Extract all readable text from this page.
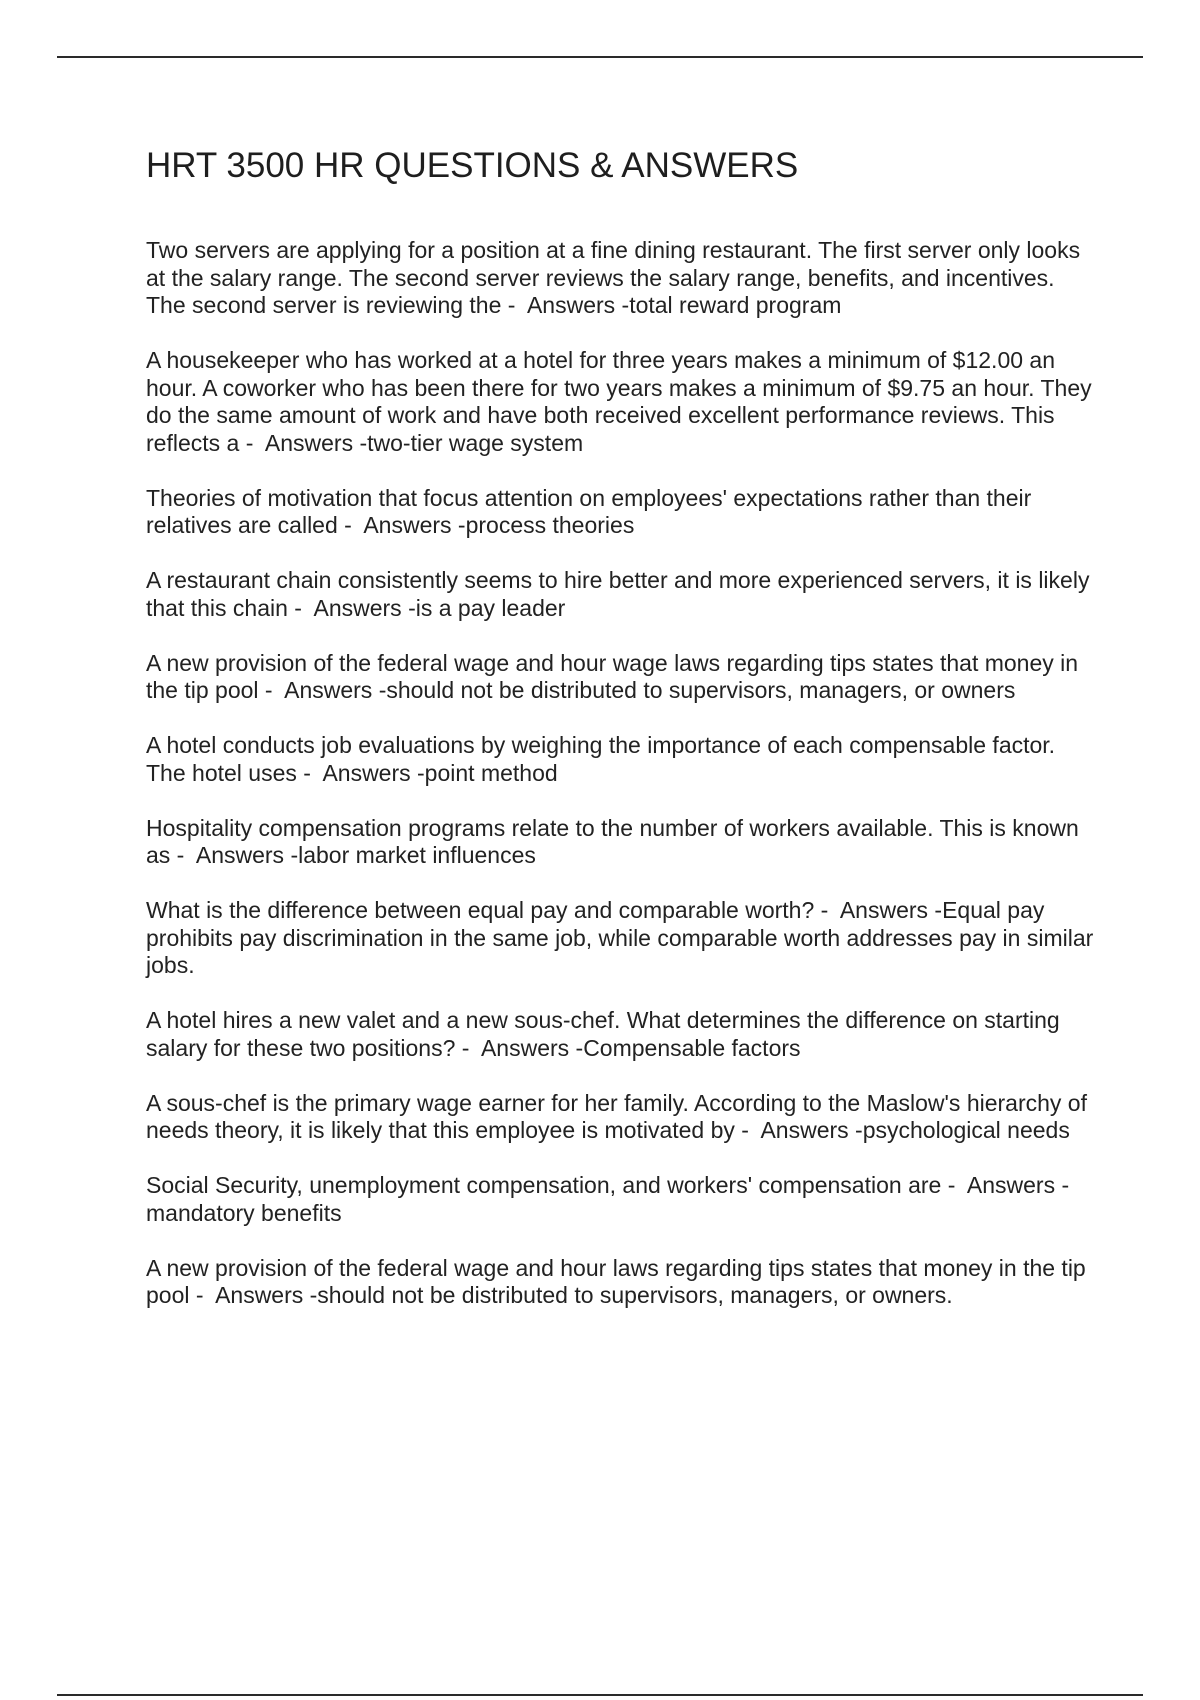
HRT 3500 HR QUESTIONS & ANSWERS

Two servers are applying for a position at a fine dining restaurant. The first server only looks at the salary range. The second server reviews the salary range, benefits, and incentives. The second server is reviewing the - Answers -total reward program

A housekeeper who has worked at a hotel for three years makes a minimum of $12.00 an hour. A coworker who has been there for two years makes a minimum of $9.75 an hour. They do the same amount of work and have both received excellent performance reviews. This reflects a - Answers -two-tier wage system

Theories of motivation that focus attention on employees' expectations rather than their relatives are called - Answers -process theories

A restaurant chain consistently seems to hire better and more experienced servers, it is likely that this chain - Answers -is a pay leader

A new provision of the federal wage and hour wage laws regarding tips states that money in the tip pool - Answers -should not be distributed to supervisors, managers, or owners

A hotel conducts job evaluations by weighing the importance of each compensable factor. The hotel uses - Answers -point method

Hospitality compensation programs relate to the number of workers available. This is known as - Answers -labor market influences

What is the difference between equal pay and comparable worth? - Answers -Equal pay prohibits pay discrimination in the same job, while comparable worth addresses pay in similar jobs.

A hotel hires a new valet and a new sous-chef. What determines the difference on starting salary for these two positions? - Answers -Compensable factors

A sous-chef is the primary wage earner for her family. According to the Maslow's hierarchy of needs theory, it is likely that this employee is motivated by - Answers -psychological needs

Social Security, unemployment compensation, and workers' compensation are - Answers -mandatory benefits

A new provision of the federal wage and hour laws regarding tips states that money in the tip pool - Answers -should not be distributed to supervisors, managers, or owners.
